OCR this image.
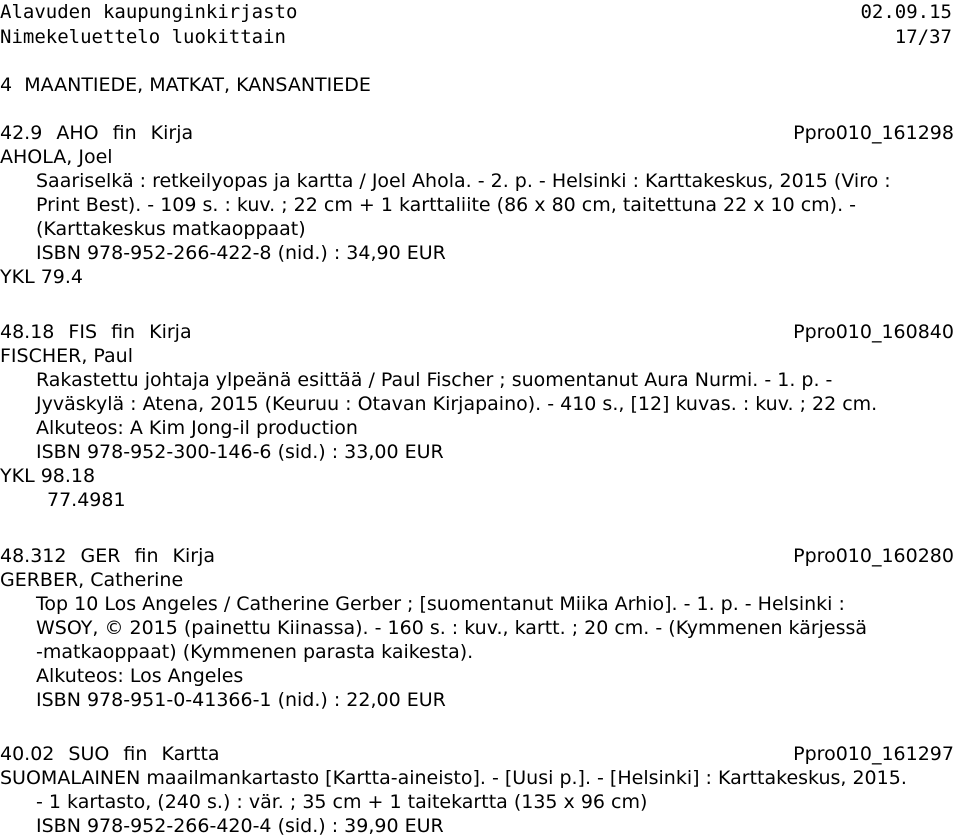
Alavuden kaupunginkirjasto	02.09.15
Nimekeluettelo luokittain	17/37
4 MAANTIEDE, MATKAT, KANSANTIEDE
42.9 AHO fin Kirja	Ppro010_161298
AHOLA, Joel
Saariselkä : retkeilyopas ja kartta / Joel Ahola. - 2. p. - Helsinki : Karttakeskus, 2015 (Viro :
Print Best). - 109 s. : kuv. ; 22 cm + 1 karttaliite (86 x 80 cm, taitettuna 22 x 10 cm). -
(Karttakeskus matkaoppaat)
ISBN 978-952-266-422-8 (nid.) : 34,90 EUR
YKL 79.4
48.18 FIS fin Kirja	Ppro010_160840
FISCHER, Paul
Rakastettu johtaja ylpeänä esittää / Paul Fischer ; suomentanut Aura Nurmi. - 1. p. -
Jyväskylä : Atena, 2015 (Keuruu : Otavan Kirjapaino). - 410 s., [12] kuvas. : kuv. ; 22 cm.
Alkuteos: A Kim Jong-il production
ISBN 978-952-300-146-6 (sid.) : 33,00 EUR
YKL 98.18
77.4981
48.312 GER fin Kirja	Ppro010_160280
GERBER, Catherine
Top 10 Los Angeles / Catherine Gerber ; [suomentanut Miika Arhio]. - 1. p. - Helsinki :
WSOY, © 2015 (painettu Kiinassa). - 160 s. : kuv., kartt. ; 20 cm. - (Kymmenen kärjessä
-matkaoppaat) (Kymmenen parasta kaikesta).
Alkuteos: Los Angeles
ISBN 978-951-0-41366-1 (nid.) : 22,00 EUR
40.02 SUO fin Kartta	Ppro010_161297
SUOMALAINEN maailmankartasto [Kartta-aineisto]. - [Uusi p.]. - [Helsinki] : Karttakeskus, 2015.
- 1 kartasto, (240 s.) : vär. ; 35 cm + 1 taitekartta (135 x 96 cm)
ISBN 978-952-266-420-4 (sid.) : 39,90 EUR
